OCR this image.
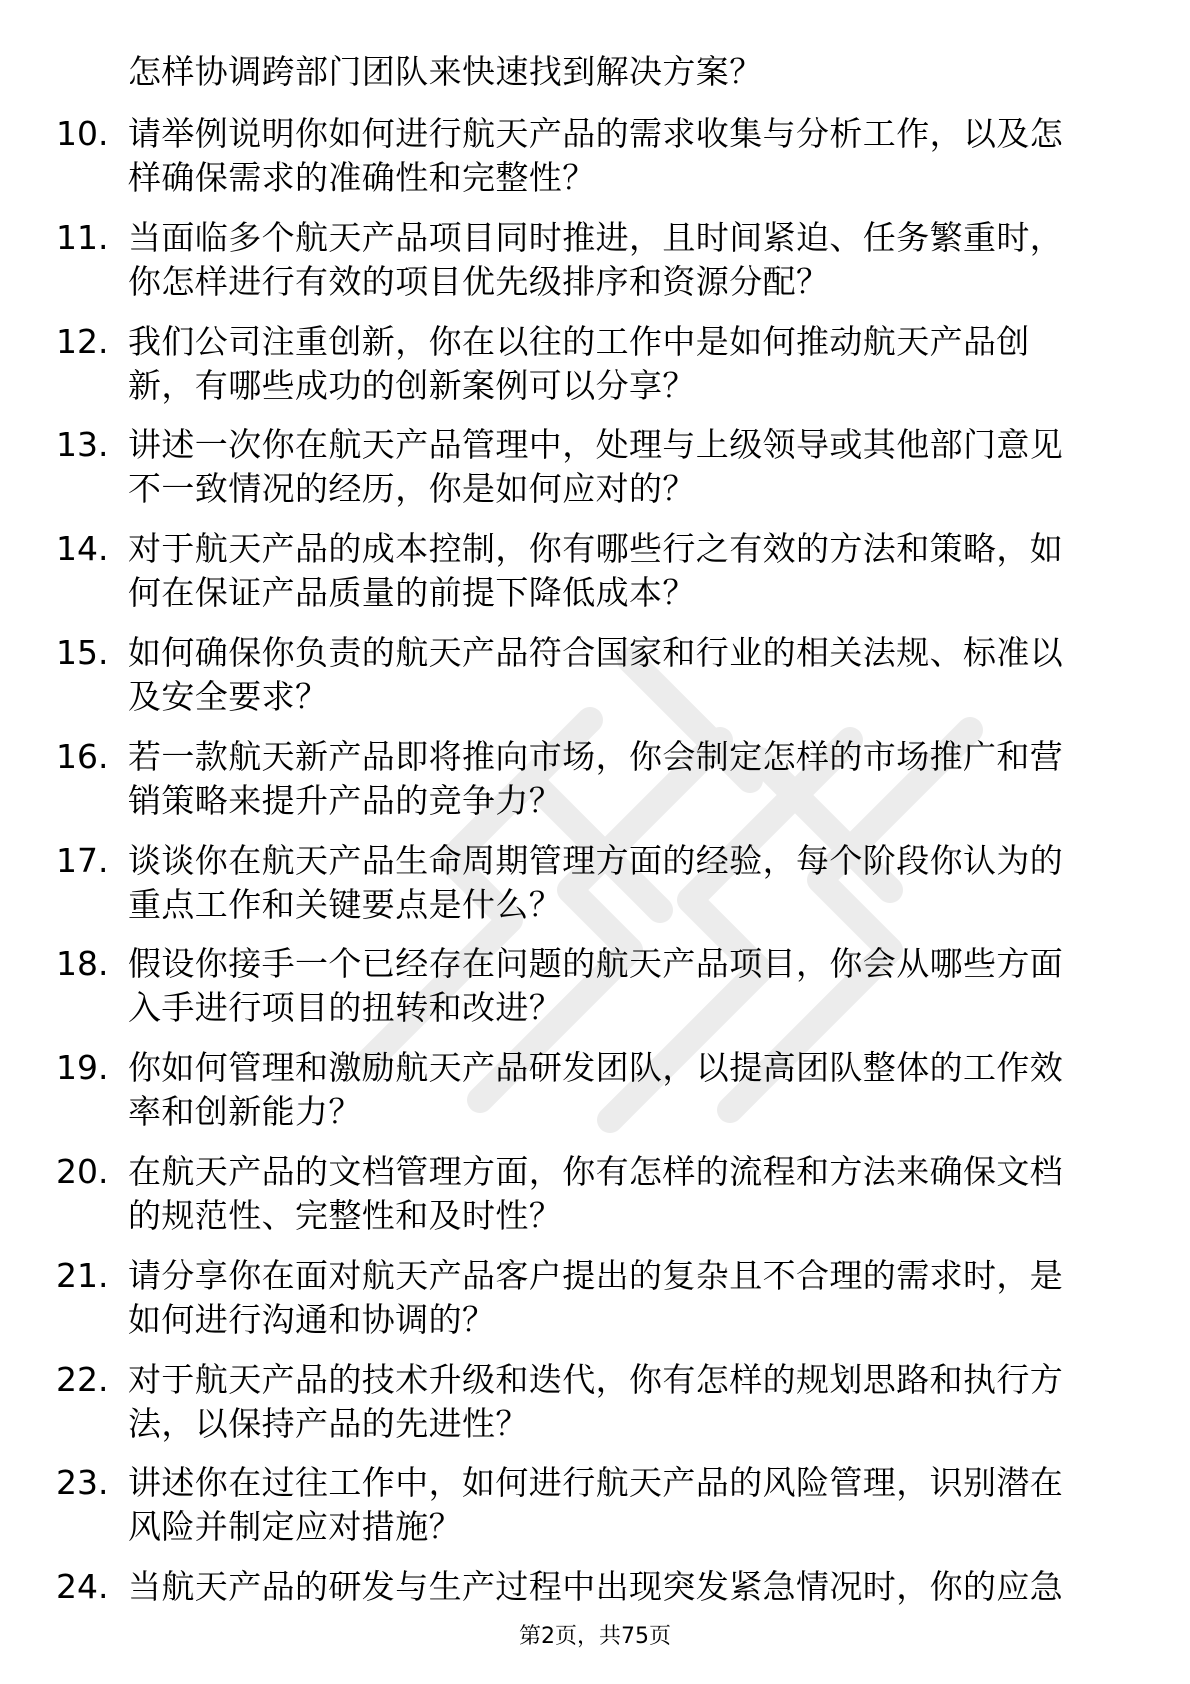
怎样协调跨部门团队来快速找到解决方案？
10. 请举例说明你如何进行航天产品的需求收集与分析工作，以及怎
样确保需求的准确性和完整性？
11. 当面临多个航天产品项目同时推进，且时间紧迫、任务繁重时，
你怎样进行有效的项目优先级排序和资源分配？
12. 我们公司注重创新，你在以往的工作中是如何推动航天产品创
新，有哪些成功的创新案例可以分享？
13. 讲述一次你在航天产品管理中，处理与上级领导或其他部门意见
不一致情况的经历，你是如何应对的？
14. 对于航天产品的成本控制，你有哪些行之有效的方法和策略，如
何在保证产品质量的前提下降低成本？
15. 如何确保你负责的航天产品符合国家和行业的相关法规、标准以
及安全要求？
16. 若一款航天新产品即将推向市场，你会制定怎样的市场推广和营
销策略来提升产品的竞争力？
17. 谈谈你在航天产品生命周期管理方面的经验，每个阶段你认为的
重点工作和关键要点是什么？
18. 假设你接手一个已经存在问题的航天产品项目，你会从哪些方面
入手进行项目的扭转和改进？
19. 你如何管理和激励航天产品研发团队，以提高团队整体的工作效
率和创新能力？
20. 在航天产品的文档管理方面，你有怎样的流程和方法来确保文档
的规范性、完整性和及时性？
21. 请分享你在面对航天产品客户提出的复杂且不合理的需求时，是
如何进行沟通和协调的？
22. 对于航天产品的技术升级和迭代，你有怎样的规划思路和执行方
法，以保持产品的先进性？
23. 讲述你在过往工作中，如何进行航天产品的风险管理，识别潜在
风险并制定应对措施？
24. 当航天产品的研发与生产过程中出现突发紧急情况时，你的应急
第2页，共75页
